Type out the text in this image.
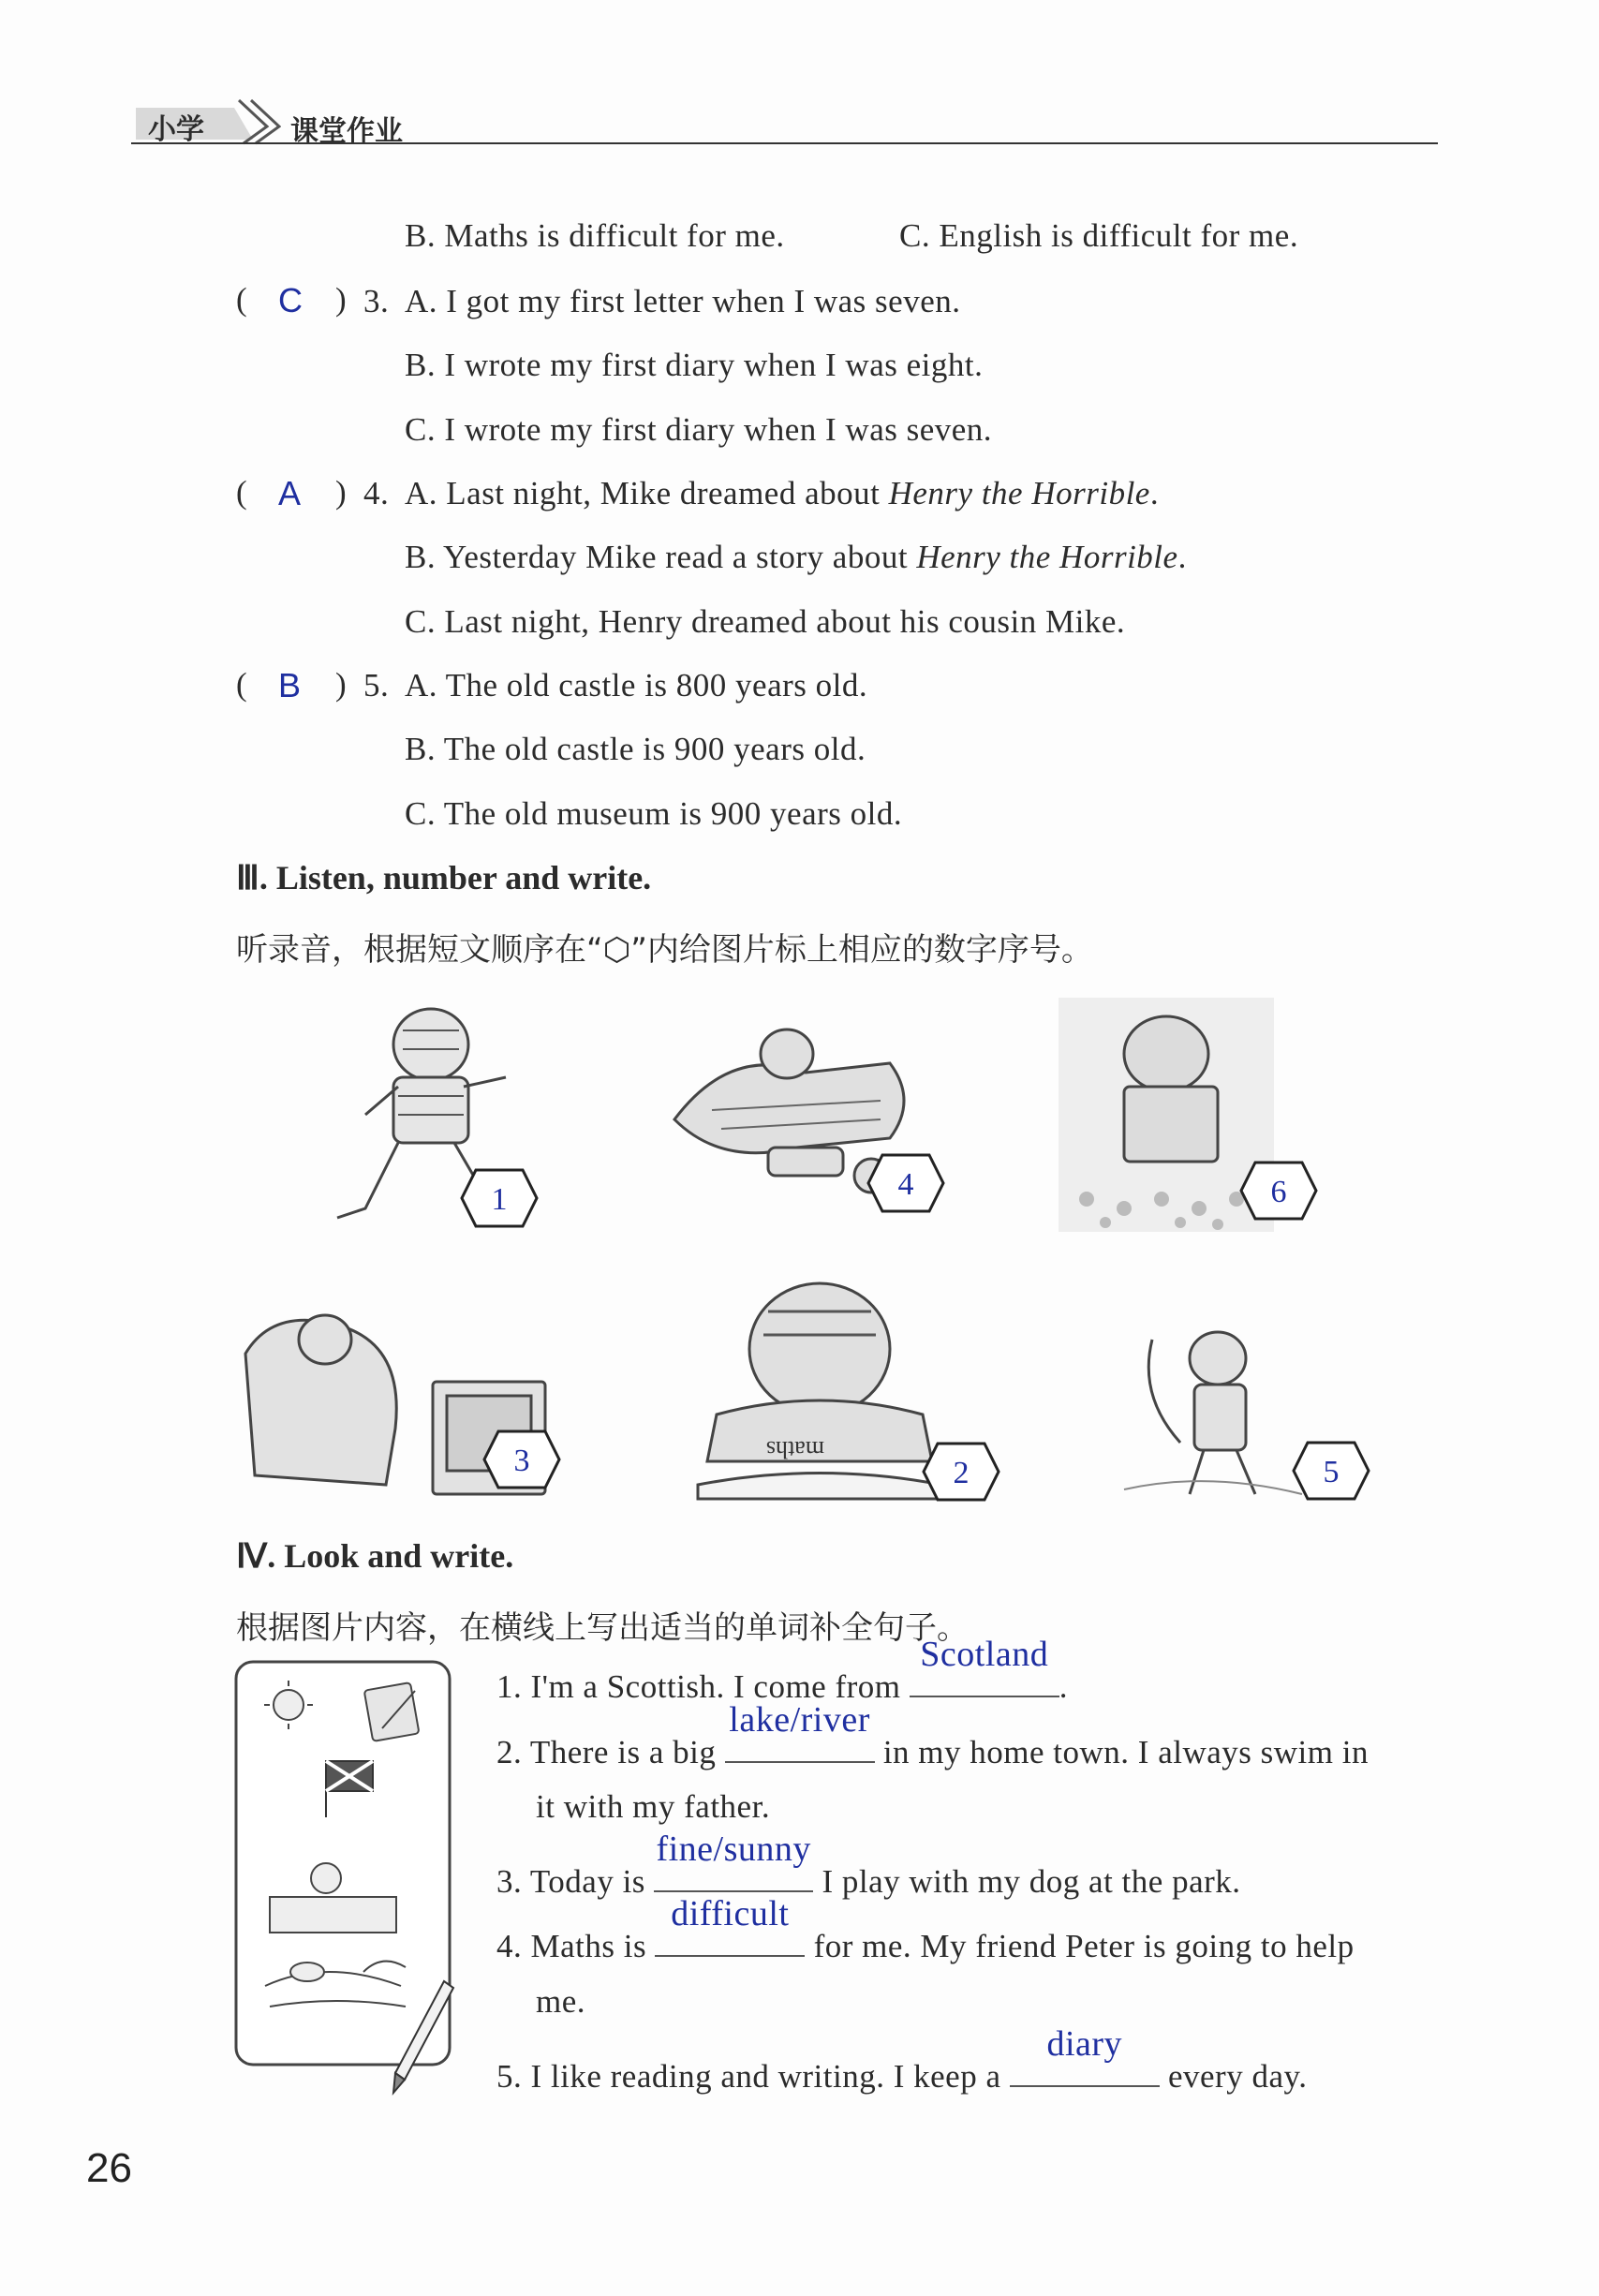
小学	课堂作业
B. Maths is difficult for me.	C. English is difficult for me.
( C ) 3. A. I got my first letter when I was seven.
B. I wrote my first diary when I was eight.
C. I wrote my first diary when I was seven.
( A ) 4. A. Last night, Mike dreamed about Henry the Horrible.
B. Yesterday Mike read a story about Henry the Horrible.
C. Last night, Henry dreamed about his cousin Mike.
( B ) 5. A. The old castle is 800 years old.
B. The old castle is 900 years old.
C. The old museum is 900 years old.
Ⅲ. Listen, number and write.
听录音，根据短文顺序在“⬡”内给图片标上相应的数字序号。
1	4	6
3	maths
2	5
Ⅳ. Look and write.
根据图片内容，在横线上写出适当的单词补全句子。
1. I'm a Scottish. I come from
Scotland
.
2. There is a big
lake/river
in my home town. I always swim in
it with my father.
3. Today is
fine/sunny
I play with my dog at the park.
4. Maths is
difficult
for me. My friend Peter is going to help
me.
5. I like reading and writing. I keep a
diary
every day.
26
